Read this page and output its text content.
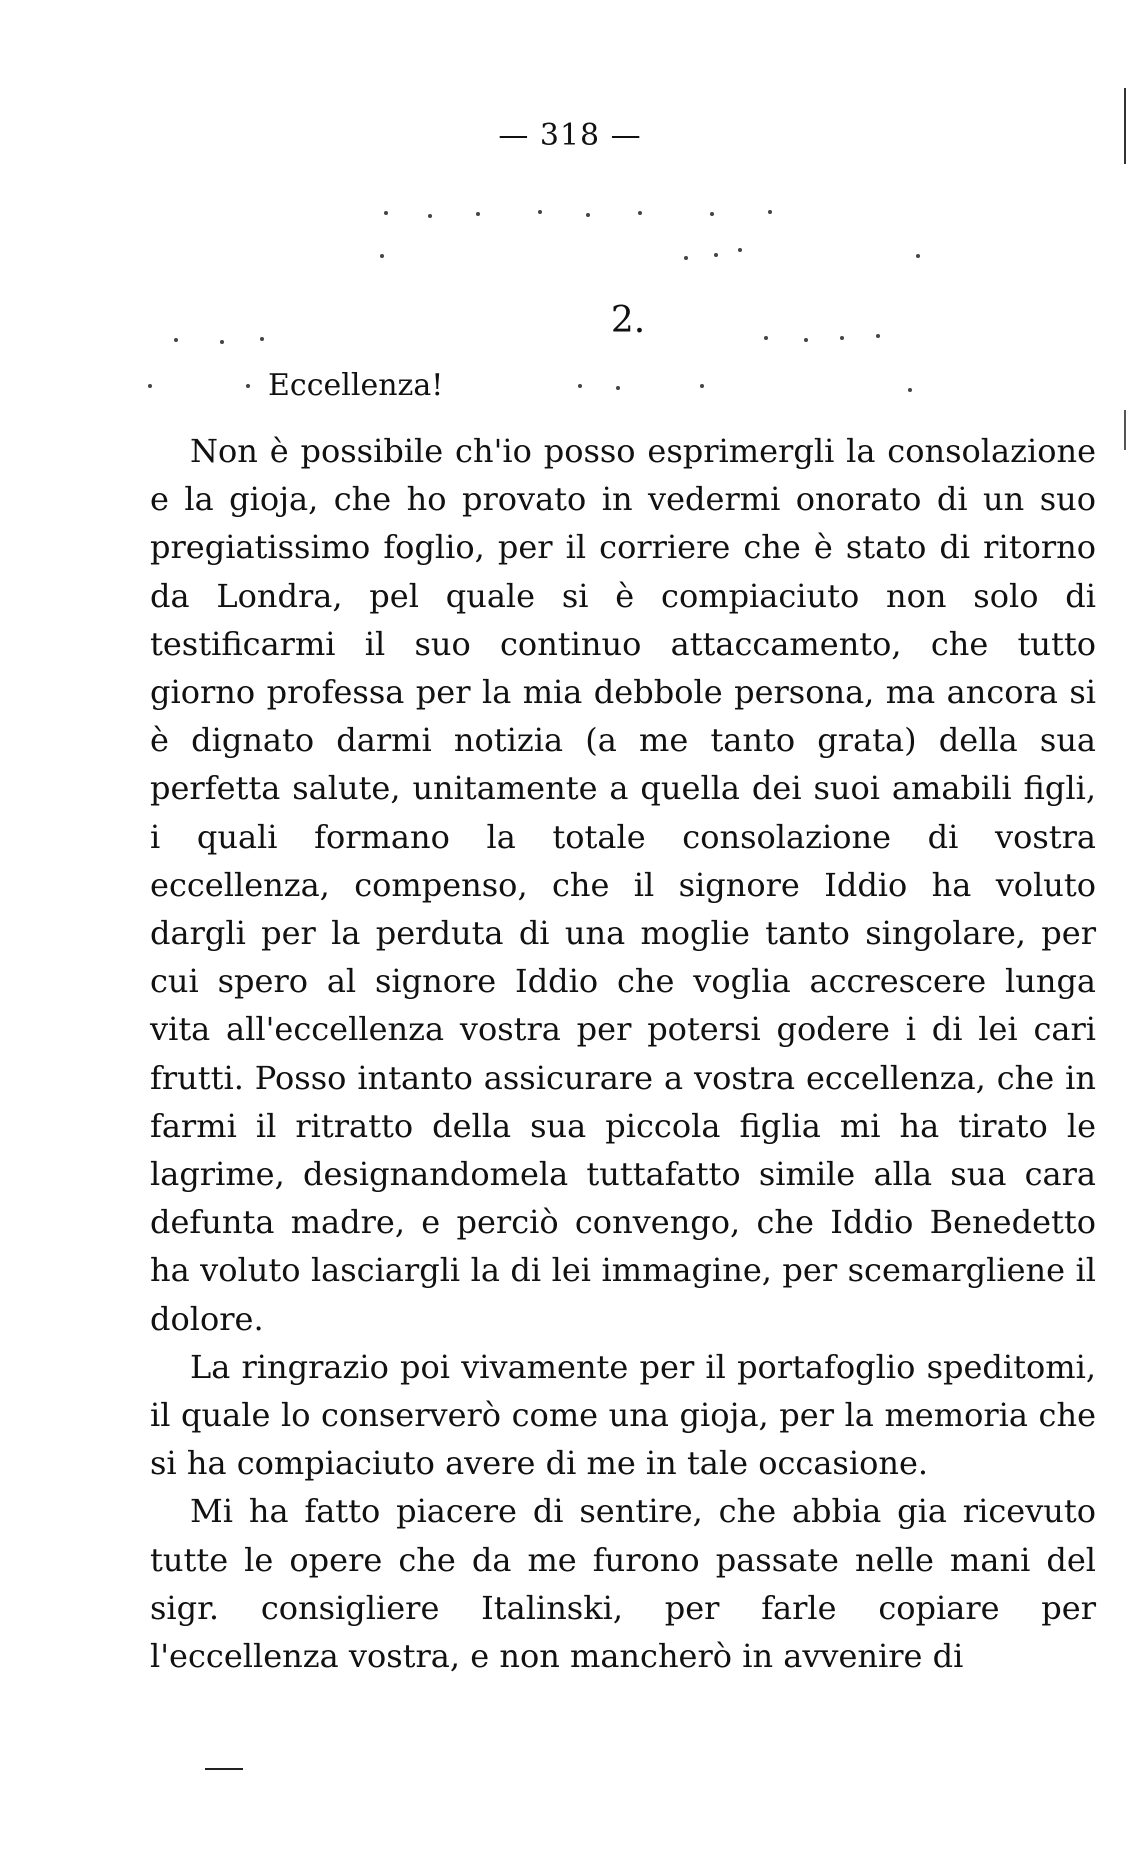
— 318 —
2.
Eccellenza!

Non è possibile ch'io posso esprimergli la consolazione e la gioja, che ho provato in vedermi onorato di un suo pregiatissimo foglio, per il corriere che è stato di ritorno da Londra, pel quale si è compiaciuto non solo di testificarmi il suo continuo attaccamento, che tutto giorno professa per la mia debbole persona, ma ancora si è dignato darmi notizia (a me tanto grata) della sua perfetta salute, unitamente a quella dei suoi amabili figli, i quali formano la totale consolazione di vostra eccellenza, compenso, che il signore Iddio ha voluto dargli per la perduta di una moglie tanto singolare, per cui spero al signore Iddio che voglia accrescere lunga vita all'eccellenza vostra per potersi godere i di lei cari frutti. Posso intanto assicurare a vostra eccellenza, che in farmi il ritratto della sua piccola figlia mi ha tirato le lagrime, designandomela tuttafatto simile alla sua cara defunta madre, e perciò convengo, che Iddio Benedetto ha voluto lasciargli la di lei immagine, per scemargliene il dolore.

La ringrazio poi vivamente per il portafoglio speditomi, il quale lo conserverò come una gioja, per la memoria che si ha compiaciuto avere di me in tale occasione.

Mi ha fatto piacere di sentire, che abbia gia ricevuto tutte le opere che da me furono passate nelle mani del sigr. consigliere Italinski, per farle copiare per l'eccellenza vostra, e non mancherò in avvenire di
